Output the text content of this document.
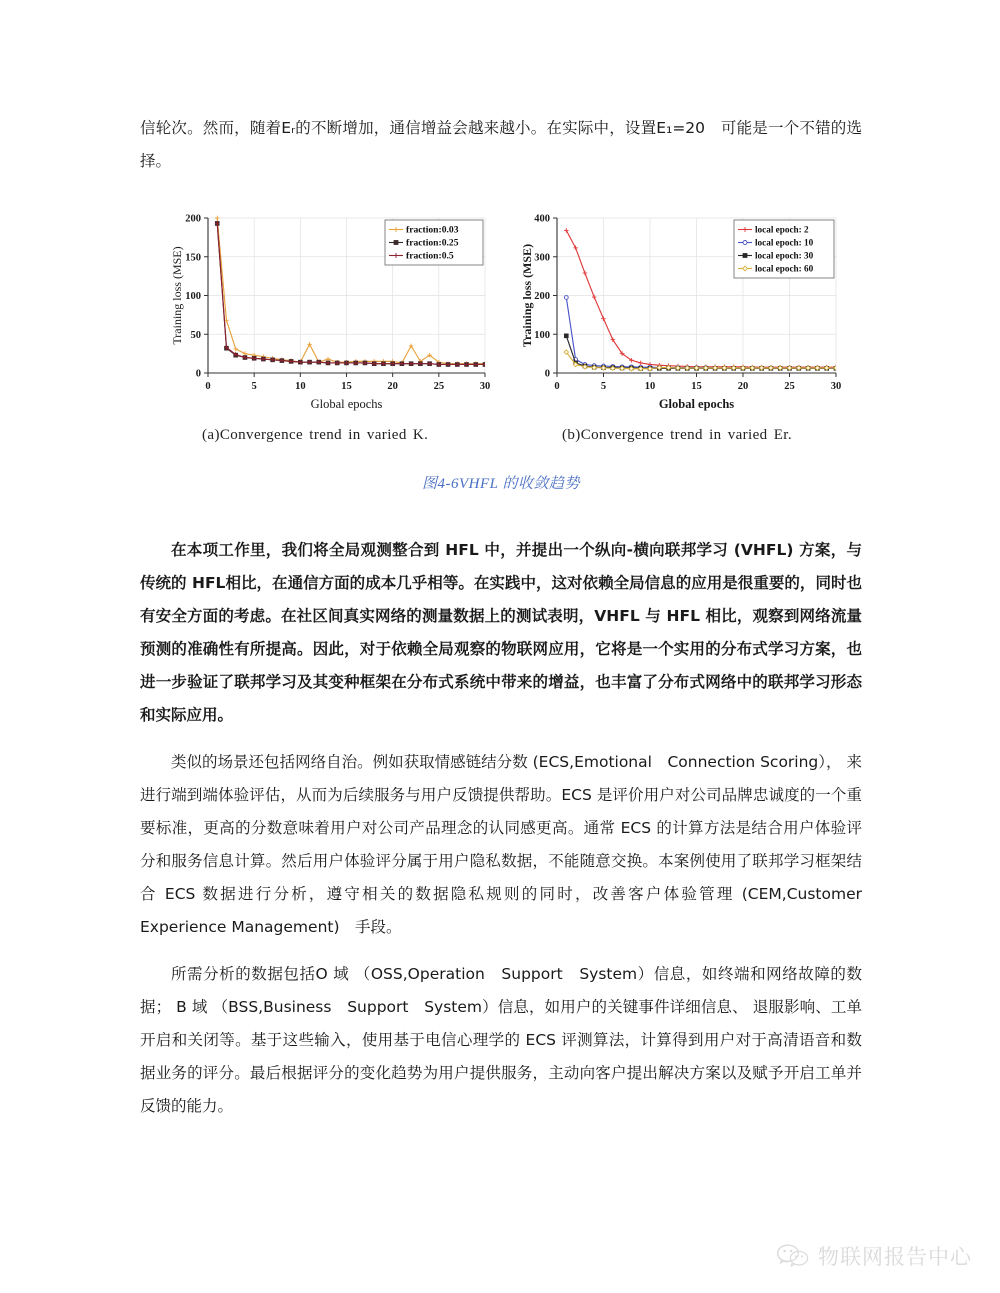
信轮次。然而，随着Eᵣ的不断增加，通信增益会越来越小。在实际中，设置E₁=20　可能是一个不错的选择。

0	5	10	15	20	25	30
0
50
100
150
200
Training loss (MSE)
Global epochs
fraction:0.03
fraction:0.25
fraction:0.5
0	5	10	15	20	25	30
0
100
200
300
400
Training loss (MSE)
Global epochs
local epoch: 2
local epoch: 10
local epoch: 30
local epoch: 60
(a)Convergence trend in varied K.	(b)Convergence trend in varied Er.
图4-6VHFL 的收敛趋势

在本项工作里，我们将全局观测整合到 HFL 中，并提出一个纵向-横向联邦学习 (VHFL) 方案，与传统的 HFL相比，在通信方面的成本几乎相等。在实践中，这对依赖全局信息的应用是很重要的，同时也有安全方面的考虑。在社区间真实网络的测量数据上的测试表明，VHFL 与 HFL 相比，观察到网络流量预测的准确性有所提高。因此，对于依赖全局观察的物联网应用，它将是一个实用的分布式学习方案，也进一步验证了联邦学习及其变种框架在分布式系统中带来的增益，也丰富了分布式网络中的联邦学习形态和实际应用。

类似的场景还包括网络自治。例如获取情感链结分数 (ECS,Emotional　Connection Scoring）， 来进行端到端体验评估，从而为后续服务与用户反馈提供帮助。ECS 是评价用户对公司品牌忠诚度的一个重要标准，更高的分数意味着用户对公司产品理念的认同感更高。通常 ECS 的计算方法是结合用户体验评分和服务信息计算。然后用户体验评分属于用户隐私数据，不能随意交换。本案例使用了联邦学习框架结合 ECS 数据进行分析，遵守相关的数据隐私规则的同时，改善客户体验管理 (CEM,Customer　　Experience Management)　手段。

所需分析的数据包括O 域 （OSS,Operation　Support　System）信息，如终端和网络故障的数据； B 域 （BSS,Business　Support　System）信息，如用户的关键事件详细信息、 退服影响、工单开启和关闭等。基于这些输入，使用基于电信心理学的 ECS 评测算法，计算得到用户对于高清语音和数据业务的评分。最后根据评分的变化趋势为用户提供服务，主动向客户提出解决方案以及赋予开启工单并反馈的能力。

物联网报告中心
